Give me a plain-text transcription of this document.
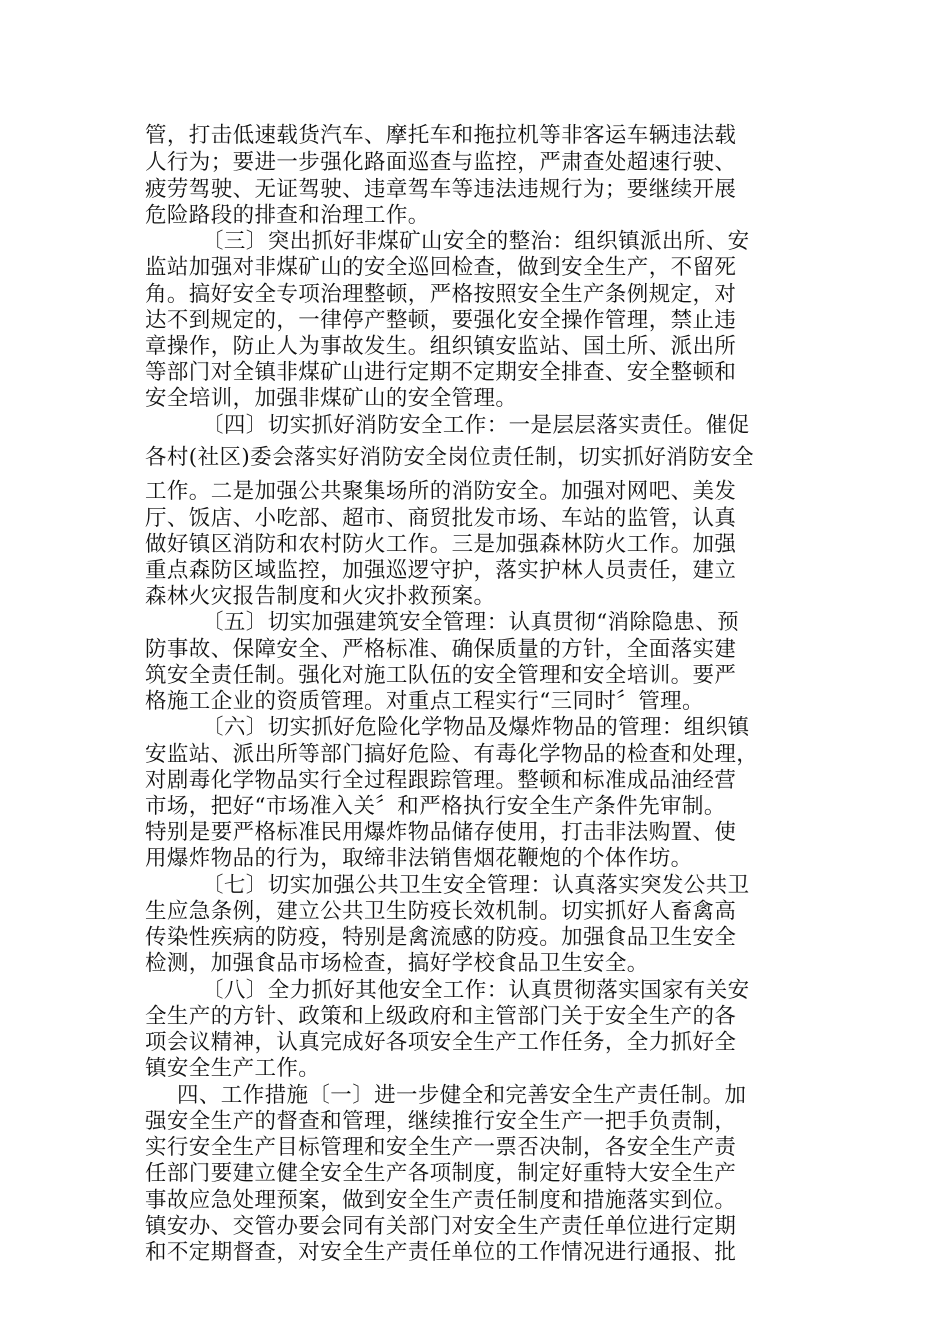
管，打击低速载货汽车、摩托车和拖拉机等非客运车辆违法载
人行为；要进一步强化路面巡查与监控，严肃查处超速行驶、
疲劳驾驶、无证驾驶、违章驾车等违法违规行为；要继续开展
危险路段的排查和治理工作。
〔三〕突出抓好非煤矿山安全的整治：组织镇派出所、安
监站加强对非煤矿山的安全巡回检查，做到安全生产，不留死
角。搞好安全专项治理整顿，严格按照安全生产条例规定，对
达不到规定的，一律停产整顿，要强化安全操作管理，禁止违
章操作，防止人为事故发生。组织镇安监站、国土所、派出所
等部门对全镇非煤矿山进行定期不定期安全排查、安全整顿和
安全培训，加强非煤矿山的安全管理。
〔四〕切实抓好消防安全工作：一是层层落实责任。催促
各村(社区)委会落实好消防安全岗位责任制，切实抓好消防安全
工作。二是加强公共聚集场所的消防安全。加强对网吧、美发
厅、饭店、小吃部、超市、商贸批发市场、车站的监管，认真
做好镇区消防和农村防火工作。三是加强森林防火工作。加强
重点森防区域监控，加强巡逻守护，落实护林人员责任，建立
森林火灾报告制度和火灾扑救预案。
〔五〕切实加强建筑安全管理：认真贯彻“消除隐患、预
防事故、保障安全、严格标准、确保质量的方针，全面落实建
筑安全责任制。强化对施工队伍的安全管理和安全培训。要严
格施工企业的资质管理。对重点工程实行“三同时〞管理。
〔六〕切实抓好危险化学物品及爆炸物品的管理：组织镇
安监站、派出所等部门搞好危险、有毒化学物品的检查和处理，
对剧毒化学物品实行全过程跟踪管理。整顿和标准成品油经营
市场，把好“市场准入关〞和严格执行安全生产条件先审制。
特别是要严格标准民用爆炸物品储存使用，打击非法购置、使
用爆炸物品的行为，取缔非法销售烟花鞭炮的个体作坊。
〔七〕切实加强公共卫生安全管理：认真落实突发公共卫
生应急条例，建立公共卫生防疫长效机制。切实抓好人畜禽高
传染性疾病的防疫，特别是禽流感的防疫。加强食品卫生安全
检测，加强食品市场检查，搞好学校食品卫生安全。
〔八〕全力抓好其他安全工作：认真贯彻落实国家有关安
全生产的方针、政策和上级政府和主管部门关于安全生产的各
项会议精神，认真完成好各项安全生产工作任务，全力抓好全
镇安全生产工作。
四、工作措施〔一〕进一步健全和完善安全生产责任制。加
强安全生产的督查和管理，继续推行安全生产一把手负责制，
实行安全生产目标管理和安全生产一票否决制，各安全生产责
任部门要建立健全安全生产各项制度，制定好重特大安全生产
事故应急处理预案，做到安全生产责任制度和措施落实到位。
镇安办、交管办要会同有关部门对安全生产责任单位进行定期
和不定期督查，对安全生产责任单位的工作情况进行通报、批
